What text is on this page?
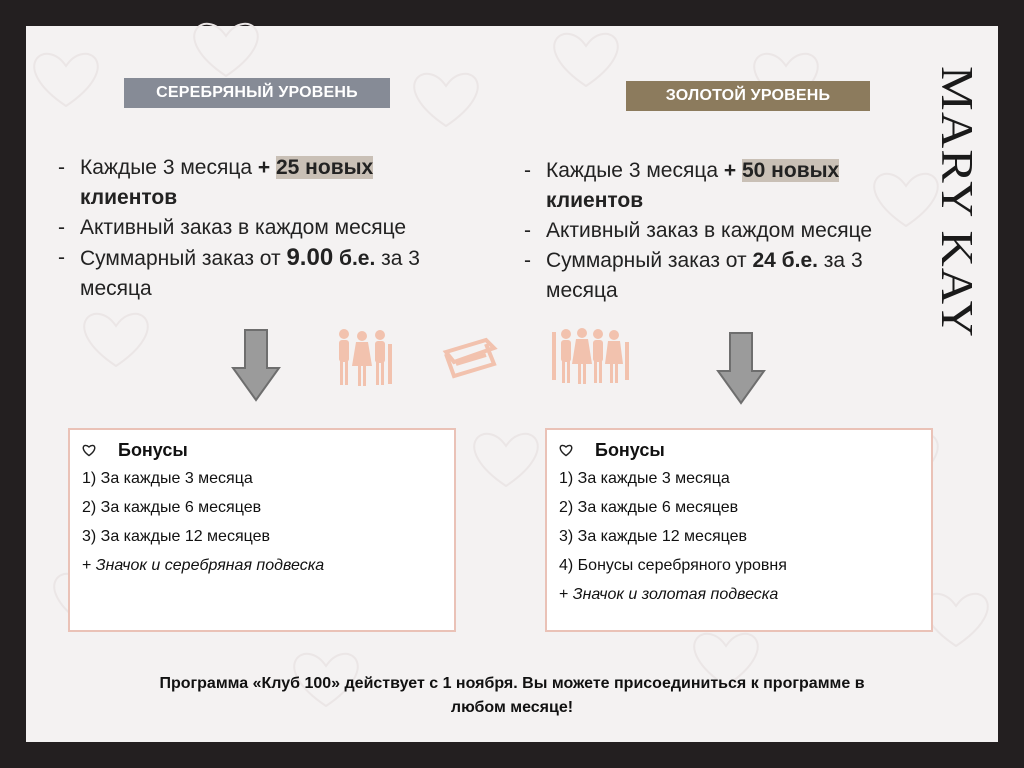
MARY KAY
СЕРЕБРЯНЫЙ УРОВЕНЬ	ЗОЛОТОЙ УРОВЕНЬ
- Каждые 3 месяца + 25 новых
клиентов
- Активный заказ в каждом месяце
- Суммарный заказ от 9.00 б.е. за 3
месяца
- Каждые 3 месяца + 50 новых
клиентов
- Активный заказ в каждом месяце
- Суммарный заказ от 24 б.е. за 3
месяца
Бонусы
1) За каждые 3 месяца
2) За каждые 6 месяцев
3) За каждые 12 месяцев
+ Значок и серебряная подвеска
Бонусы
1) За каждые 3 месяца
2) За каждые 6 месяцев
3) За каждые 12 месяцев
4) Бонусы серебряного уровня
+ Значок и золотая подвеска
Программа «Клуб 100» действует с 1 ноября. Вы можете присоединиться к программе в
любом месяце!
